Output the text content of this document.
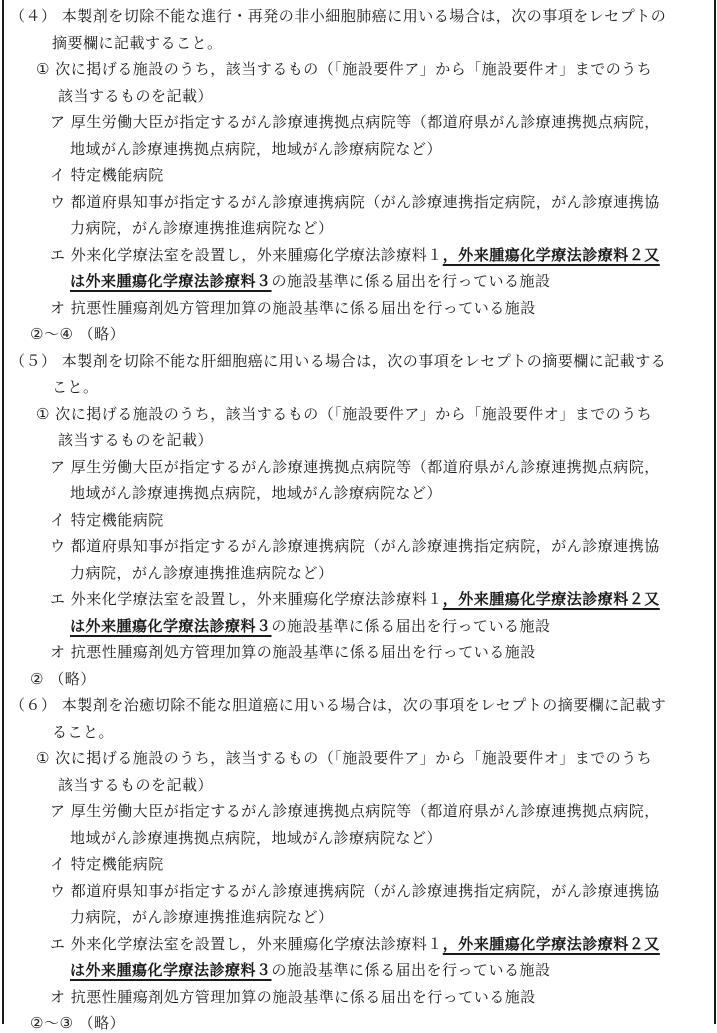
（４） 本製剤を切除不能な進行・再発の非小細胞肺癌に用いる場合は，次の事項をレセプトの
摘要欄に記載すること。
① 次に掲げる施設のうち，該当するもの（「施設要件ア」から「施設要件オ」までのうち
該当するものを記載）
ア 厚生労働大臣が指定するがん診療連携拠点病院等（都道府県がん診療連携拠点病院，
地域がん診療連携拠点病院，地域がん診療病院など）
イ 特定機能病院
ウ 都道府県知事が指定するがん診療連携病院（がん診療連携指定病院，がん診療連携協
力病院，がん診療連携推進病院など）
エ 外来化学療法室を設置し，外来腫瘍化学療法診療料１，外来腫瘍化学療法診療料２又
は外来腫瘍化学療法診療料３の施設基準に係る届出を行っている施設
オ 抗悪性腫瘍剤処方管理加算の施設基準に係る届出を行っている施設
②～④ （略）
（５） 本製剤を切除不能な肝細胞癌に用いる場合は，次の事項をレセプトの摘要欄に記載する
こと。
① 次に掲げる施設のうち，該当するもの（「施設要件ア」から「施設要件オ」までのうち
該当するものを記載）
ア 厚生労働大臣が指定するがん診療連携拠点病院等（都道府県がん診療連携拠点病院，
地域がん診療連携拠点病院，地域がん診療病院など）
イ 特定機能病院
ウ 都道府県知事が指定するがん診療連携病院（がん診療連携指定病院，がん診療連携協
力病院，がん診療連携推進病院など）
エ 外来化学療法室を設置し，外来腫瘍化学療法診療料１，外来腫瘍化学療法診療料２又
は外来腫瘍化学療法診療料３の施設基準に係る届出を行っている施設
オ 抗悪性腫瘍剤処方管理加算の施設基準に係る届出を行っている施設
② （略）
（６） 本製剤を治癒切除不能な胆道癌に用いる場合は，次の事項をレセプトの摘要欄に記載す
ること。
① 次に掲げる施設のうち，該当するもの（「施設要件ア」から「施設要件オ」までのうち
該当するものを記載）
ア 厚生労働大臣が指定するがん診療連携拠点病院等（都道府県がん診療連携拠点病院，
地域がん診療連携拠点病院，地域がん診療病院など）
イ 特定機能病院
ウ 都道府県知事が指定するがん診療連携病院（がん診療連携指定病院，がん診療連携協
力病院，がん診療連携推進病院など）
エ 外来化学療法室を設置し，外来腫瘍化学療法診療料１，外来腫瘍化学療法診療料２又
は外来腫瘍化学療法診療料３の施設基準に係る届出を行っている施設
オ 抗悪性腫瘍剤処方管理加算の施設基準に係る届出を行っている施設
②～③ （略）
